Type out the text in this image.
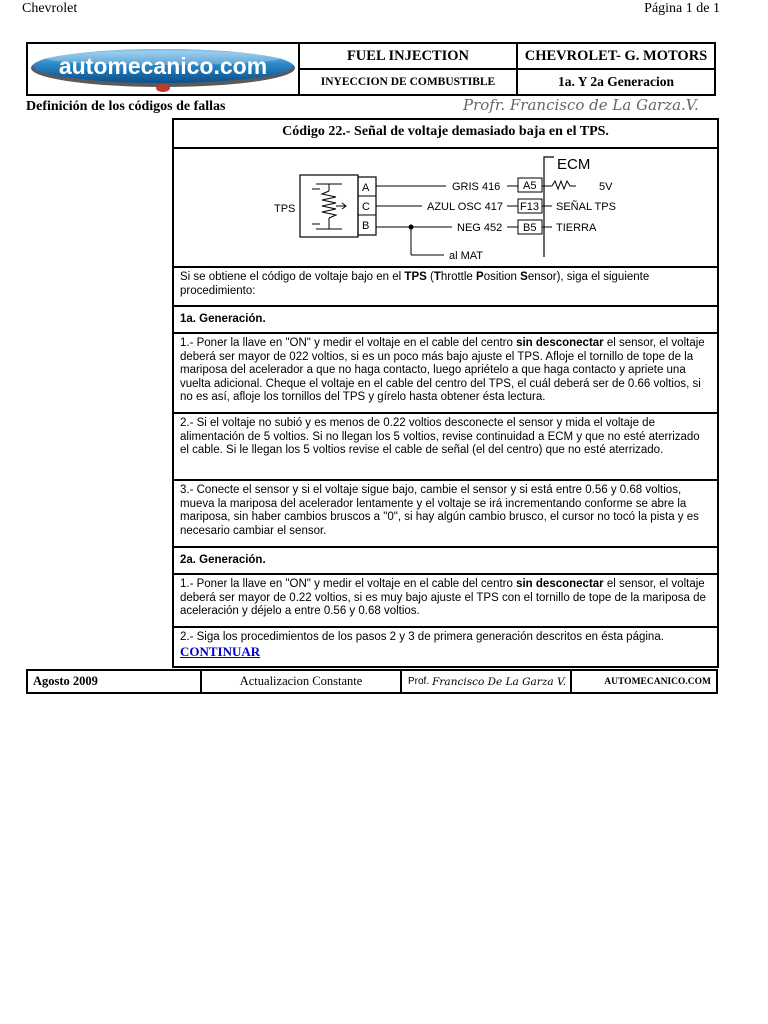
Chevrolet	Página 1 de 1
automecanico.com	FUEL INJECTION	CHEVROLET- G. MOTORS
INYECCION DE COMBUSTIBLE	1a. Y 2a Generacion
Definición de los códigos de fallas	Profr. Francisco de La Garza.V.
Código 22.- Señal de voltaje demasiado baja en el TPS.
TPS
A
C
B
al MAT
GRIS 416
AZUL OSC 417
NEG 452
A5
F13
B5
ECM
5V
SEÑAL TPS
TIERRA
Si se obtiene el código de voltaje bajo en el TPS (Throttle Position Sensor), siga el siguiente procedimiento:
1a. Generación.
1.- Poner la llave en "ON" y medir el voltaje en el cable del centro sin desconectar el sensor, el voltaje deberá ser mayor de 022 voltios, si es un poco más bajo ajuste el TPS. Afloje el tornillo de tope de la mariposa del acelerador a que no haga contacto, luego apriételo a que haga contacto y apriete una vuelta adicional. Cheque el voltaje en el cable del centro del TPS, el cuál deberá ser de 0.66 voltios, si no es así, afloje los tornillos del TPS y gírelo hasta obtener ésta lectura.
2.- Si el voltaje no subió y es menos de 0.22 voltios desconecte el sensor y mida el voltaje de alimentación de 5 voltios. Si no llegan los 5 voltios, revise continuidad a ECM y que no esté aterrizado el cable. Si le llegan los 5 voltios revise el cable de señal (el del centro) que no esté aterrizado.
3.- Conecte el sensor y si el voltaje sigue bajo, cambie el sensor y si está entre 0.56 y 0.68 voltios, mueva la mariposa del acelerador lentamente y el voltaje se irá incrementando conforme se abre la mariposa, sin haber cambios bruscos a "0", si hay algún cambio brusco, el cursor no tocó la pista y es necesario cambiar el sensor.
2a. Generación.
1.- Poner la llave en "ON" y medir el voltaje en el cable del centro sin desconectar el sensor, el voltaje deberá ser mayor de 0.22 voltios, si es muy bajo ajuste el TPS con el tornillo de tope de la mariposa de aceleración y déjelo a entre 0.56 y 0.68 voltios.
2.- Siga los procedimientos de los pasos 2 y 3 de primera generación descritos en ésta página.
CONTINUAR
Agosto 2009	Actualizacion Constante	Prof. Francisco De La Garza V.	AUTOMECANICO.COM
